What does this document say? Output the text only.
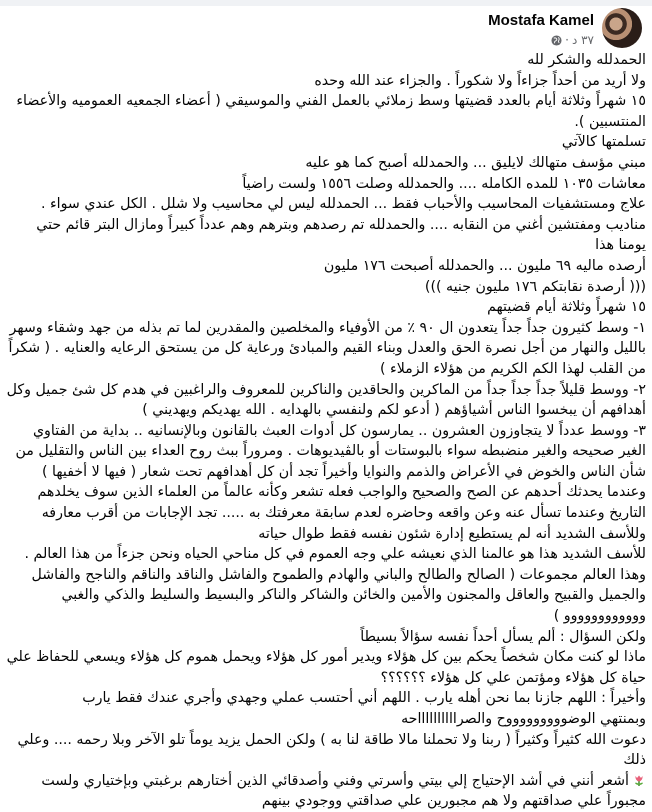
Mostafa Kamel
٣٧ د
·

الحمدلله والشكر لله

ولا أريد من أحداً جزاءاً ولا شكوراً . والجزاء عند الله وحده

١٥ شهراً وثلاثة أيام بالعدد قضيتها وسط زملائي بالعمل الفني والموسيقي ( أعضاء الجمعيه العموميه والأعضاء المنتسبين ).

تسلمتها كالآتي

مبني مؤسف متهالك لايليق ... والحمدلله أصبح كما هو عليه

معاشات ١٠٣٥ للمده الكامله .... والحمدلله وصلت ١٥٥٦ ولست راضياً

علاج ومستشفيات المحاسيب والأحباب فقط ... الحمدلله ليس لي محاسيب ولا شلل . الكل عندي سواء .

مناديب ومفتشين أغني من النقابه .... والحمدلله تم رصدهم وبترهم وهم عدداً كبيراً ومازال البتر قائم حتي يومنا هذا

أرصده ماليه ٦٩ مليون ... والحمدلله أصبحت ١٧٦ مليون

((( أرصدة نقابتكم ١٧٦ مليون جنيه )))

١٥ شهراً وثلاثة أيام قضيتهم

١- وسط كثيرون جداً جداً يتعدون ال ٩٠ ٪ من الأوفياء والمخلصين والمقدرين لما تم بذله من جهد وشقاء وسهر بالليل والنهار من أجل نصرة الحق والعدل وبناء القيم والمبادئ ورعاية كل من يستحق الرعايه والعنايه . ( شكراً من القلب لهذا الكم الكريم من هؤلاء الزملاء )

٢- ووسط قليلاً جداً جداً جداً من الماكرين والحاقدين والناكرين للمعروف والراغبين في هدم كل شئ جميل وكل أهدافهم أن يبخسوا الناس أشياؤهم ( أدعو لكم ولنفسي بالهدايه . الله يهديكم ويهديني )

٣- ووسط عدداً لا يتجاوزون العشرون .. يمارسون كل أدوات العبث بالقانون وبالإنسانيه .. بداية من الفتاوي الغير صحيحه والغير منضبطه سواء بالبوستات أو بالڤيديوهات . ومروراً ببث روح العداء بين الناس والتقليل من شأن الناس والخوض في الأعراض والذمم والنوايا وأخيراً تجد أن كل أهدافهم تحت شعار ( فيها لا أخفيها ) وعندما يحدثك أحدهم عن الصح والصحيح والواجب فعله تشعر وكأنه عالماً من العلماء الذين سوف يخلدهم التاريخ وعندما تسأل عنه وعن واقعه وحاضره لعدم سابقة معرفتك به ..... تجد الإجابات من أقرب معارفه وللأسف الشديد أنه لم يستطيع إدارة شئون نفسه فقط طوال حياته

للأسف الشديد هذا هو عالمنا الذي نعيشه علي وجه العموم في كل مناحي الحياه ونحن جزءاً من هذا العالم .

وهذا العالم مجموعات ( الصالح والطالح والباني والهادم والطموح والفاشل والناقد والناقم والناجح والفاشل والجميل والقبيح والعاقل والمجنون والأمين والخائن والشاكر والناكر والبسيط والسليط والذكي والغبي وووووووووووو )

ولكن السؤال : ألم يسأل أحداً نفسه سؤالاً بسيطاً

ماذا لو كنت مكان شخصاً يحكم بين كل هؤلاء ويدير أمور كل هؤلاء ويحمل هموم كل هؤلاء ويسعي للحفاظ علي حياة كل هؤلاء ومؤتمن علي كل هؤلاء ؟؟؟؟؟؟

وأخيراً : اللهم جازنا بما نحن أهله يارب . اللهم أني أحتسب عملي وجهدي وأجري عندك فقط يارب

وبمنتهي الوضوووووووووح والصرااااااااااحه

دعوت الله كثيراً وكثيراً ( ربنا ولا تحملنا مالا طاقة لنا به ) ولكن الحمل يزيد يوماً تلو الآخر وبلا رحمه .... وعلي ذلك

أشعر أنني في أشد الإحتياج إلي بيتي وأسرتي وفني وأصدقائي الذين أختارهم برغبتي وبإختياري ولست مجبوراً علي صداقتهم ولا هم مجبورين علي صداقتي ووجودي بينهم
